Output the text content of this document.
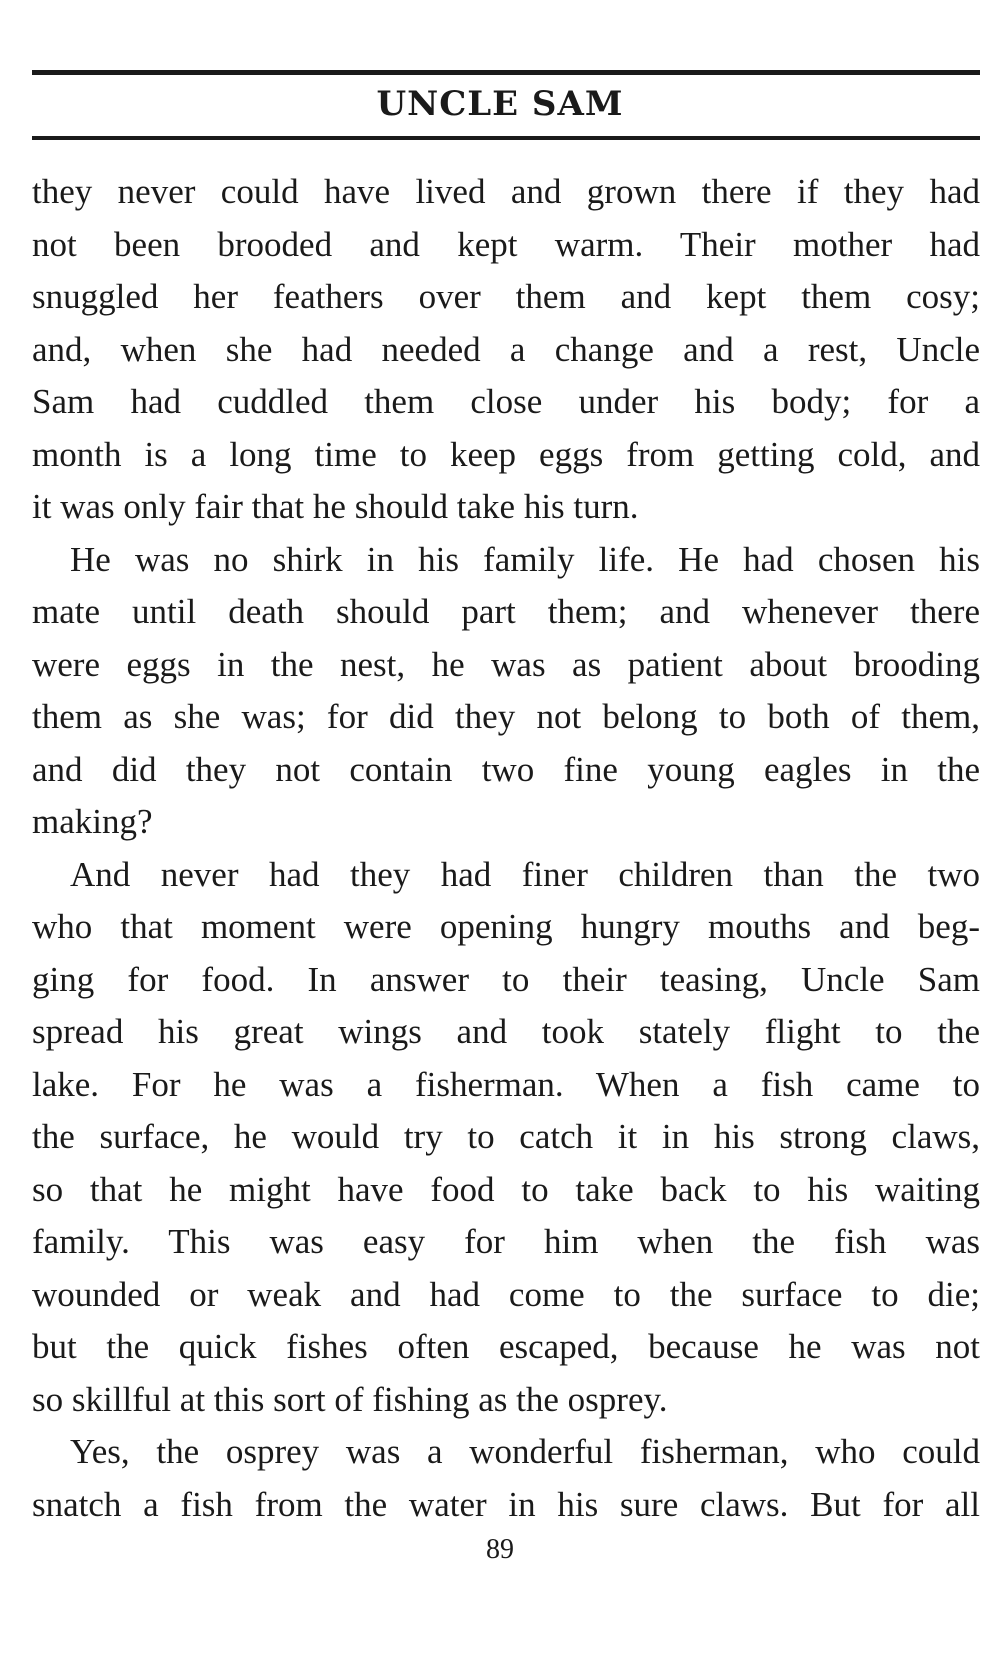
UNCLE SAM
they never could have lived and grown there if they had
not been brooded and kept warm. Their mother had
snuggled her feathers over them and kept them cosy;
and, when she had needed a change and a rest, Uncle
Sam had cuddled them close under his body; for a
month is a long time to keep eggs from getting cold, and
it was only fair that he should take his turn.
He was no shirk in his family life. He had chosen his
mate until death should part them; and whenever there
were eggs in the nest, he was as patient about brooding
them as she was; for did they not belong to both of them,
and did they not contain two fine young eagles in the
making?
And never had they had finer children than the two
who that moment were opening hungry mouths and beg-
ging for food. In answer to their teasing, Uncle Sam
spread his great wings and took stately flight to the
lake. For he was a fisherman. When a fish came to
the surface, he would try to catch it in his strong claws,
so that he might have food to take back to his waiting
family. This was easy for him when the fish was
wounded or weak and had come to the surface to die;
but the quick fishes often escaped, because he was not
so skillful at this sort of fishing as the osprey.
Yes, the osprey was a wonderful fisherman, who could
snatch a fish from the water in his sure claws. But for all
89
